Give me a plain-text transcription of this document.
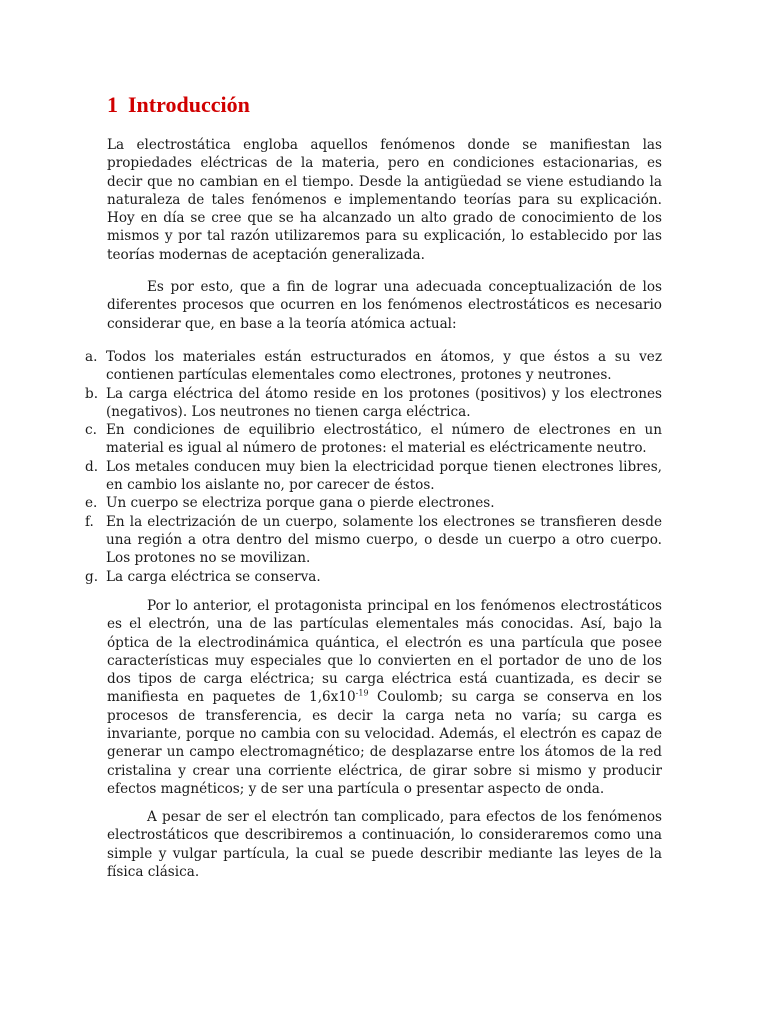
1 Introducción

La electrostática engloba aquellos fenómenos donde se manifiestan las propiedades eléctricas de la materia, pero en condiciones estacionarias, es decir que no cambian en el tiempo. Desde la antigüedad se viene estudiando la naturaleza de tales fenómenos e implementando teorías para su explicación. Hoy en día se cree que se ha alcanzado un alto grado de conocimiento de los mismos y por tal razón utilizaremos para su explicación, lo establecido por las teorías modernas de aceptación generalizada.

Es por esto, que a fin de lograr una adecuada conceptualización de los diferentes procesos que ocurren en los fenómenos electrostáticos es necesario considerar que, en base a la teoría atómica actual:

a. Todos los materiales están estructurados en átomos, y que éstos a su vez contienen partículas elementales como electrones, protones y neutrones.
b. La carga eléctrica del átomo reside en los protones (positivos) y los electrones (negativos). Los neutrones no tienen carga eléctrica.
c. En condiciones de equilibrio electrostático, el número de electrones en un material es igual al número de protones: el material es eléctricamente neutro.
d. Los metales conducen muy bien la electricidad porque tienen electrones libres, en cambio los aislante no, por carecer de éstos.
e. Un cuerpo se electriza porque gana o pierde electrones.
f. En la electrización de un cuerpo, solamente los electrones se transfieren desde una región a otra dentro del mismo cuerpo, o desde un cuerpo a otro cuerpo. Los protones no se movilizan.
g. La carga eléctrica se conserva.

Por lo anterior, el protagonista principal en los fenómenos electrostáticos es el electrón, una de las partículas elementales más conocidas. Así, bajo la óptica de la electrodinámica quántica, el electrón es una partícula que posee características muy especiales que lo convierten en el portador de uno de los dos tipos de carga eléctrica; su carga eléctrica está cuantizada, es decir se manifiesta en paquetes de $1,6x10^{-19}$ Coulomb; su carga se conserva en los procesos de transferencia, es decir la carga neta no varía; su carga es invariante, porque no cambia con su velocidad. Además, el electrón es capaz de generar un campo electromagnético; de desplazarse entre los átomos de la red cristalina y crear una corriente eléctrica, de girar sobre si mismo y producir efectos magnéticos; y de ser una partícula o presentar aspecto de onda.

A pesar de ser el electrón tan complicado, para efectos de los fenómenos electrostáticos que describiremos a continuación, lo consideraremos como una simple y vulgar partícula, la cual se puede describir mediante las leyes de la física clásica.
